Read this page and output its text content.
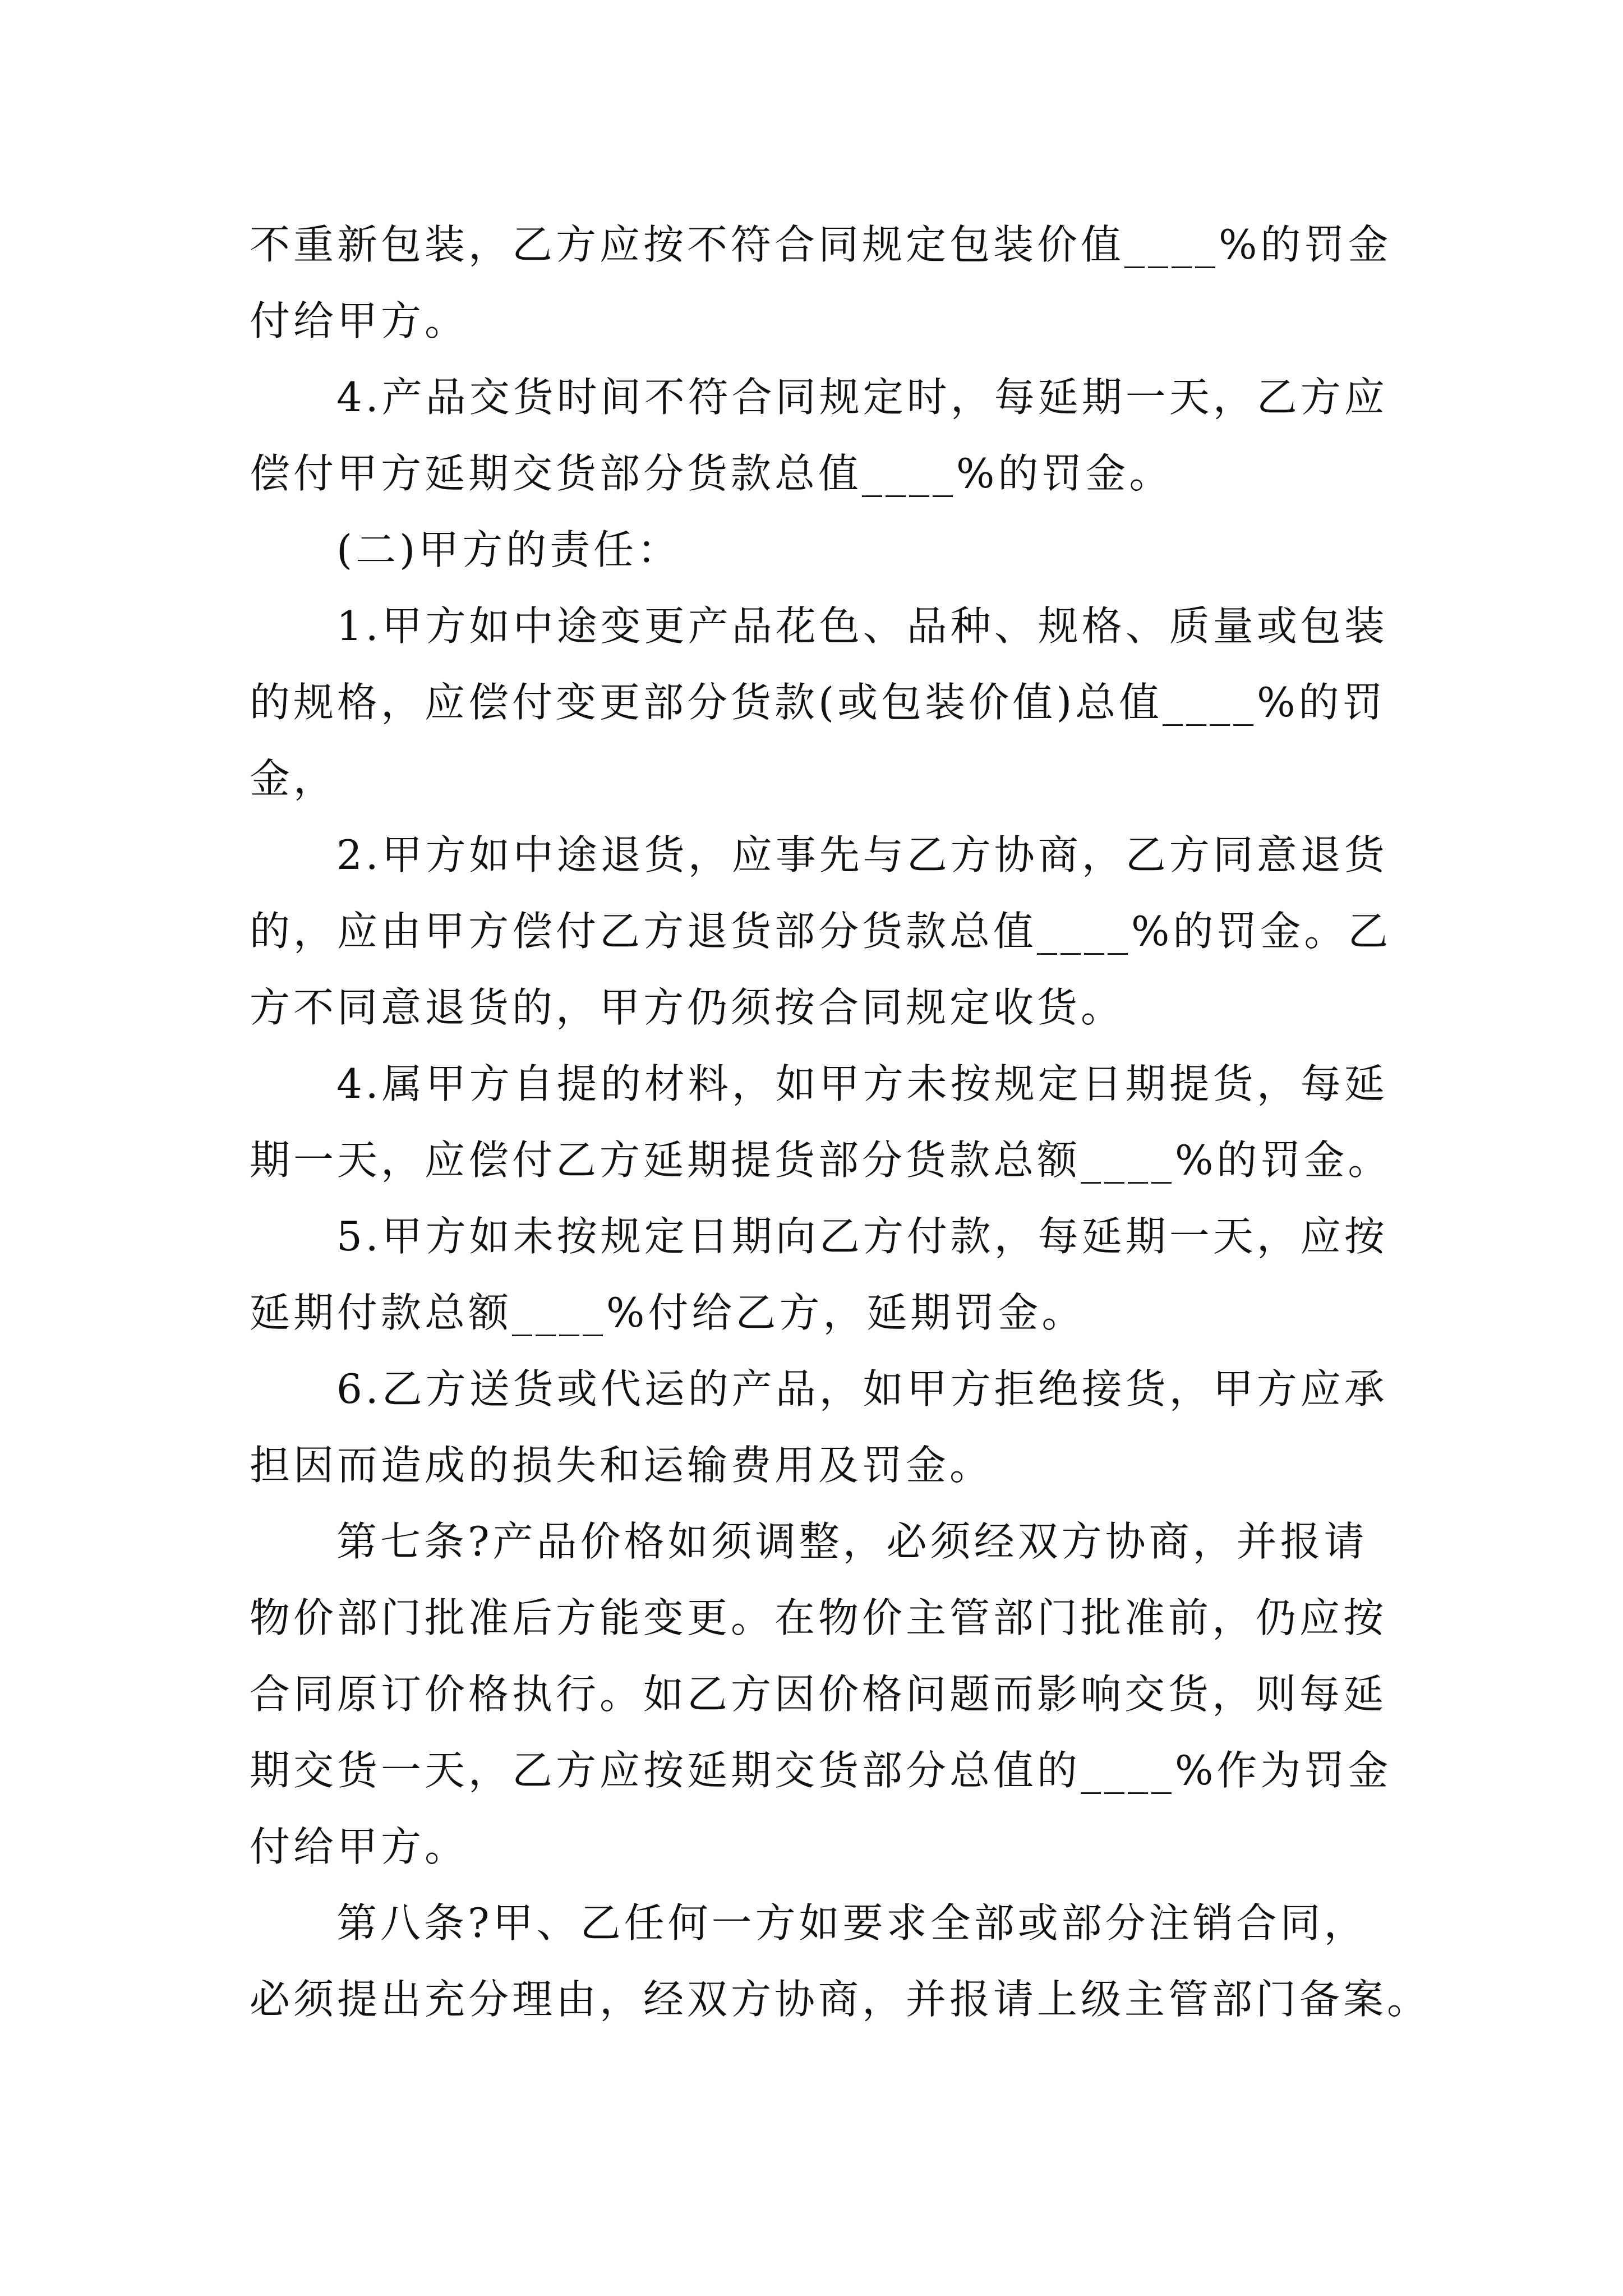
不重新包装，乙方应按不符合同规定包装价值____%的罚金
付给甲方。
4.产品交货时间不符合同规定时，每延期一天，乙方应
偿付甲方延期交货部分货款总值____%的罚金。
(二)甲方的责任：
1.甲方如中途变更产品花色、品种、规格、质量或包装
的规格，应偿付变更部分货款(或包装价值)总值____%的罚
金，
2.甲方如中途退货，应事先与乙方协商，乙方同意退货
的，应由甲方偿付乙方退货部分货款总值____%的罚金。乙
方不同意退货的，甲方仍须按合同规定收货。
4.属甲方自提的材料，如甲方未按规定日期提货，每延
期一天，应偿付乙方延期提货部分货款总额____%的罚金。
5.甲方如未按规定日期向乙方付款，每延期一天，应按
延期付款总额____%付给乙方，延期罚金。
6.乙方送货或代运的产品，如甲方拒绝接货，甲方应承
担因而造成的损失和运输费用及罚金。
第七条?产品价格如须调整，必须经双方协商，并报请
物价部门批准后方能变更。在物价主管部门批准前，仍应按
合同原订价格执行。如乙方因价格问题而影响交货，则每延
期交货一天，乙方应按延期交货部分总值的____%作为罚金
付给甲方。
第八条?甲、乙任何一方如要求全部或部分注销合同，
必须提出充分理由，经双方协商，并报请上级主管部门备案。
